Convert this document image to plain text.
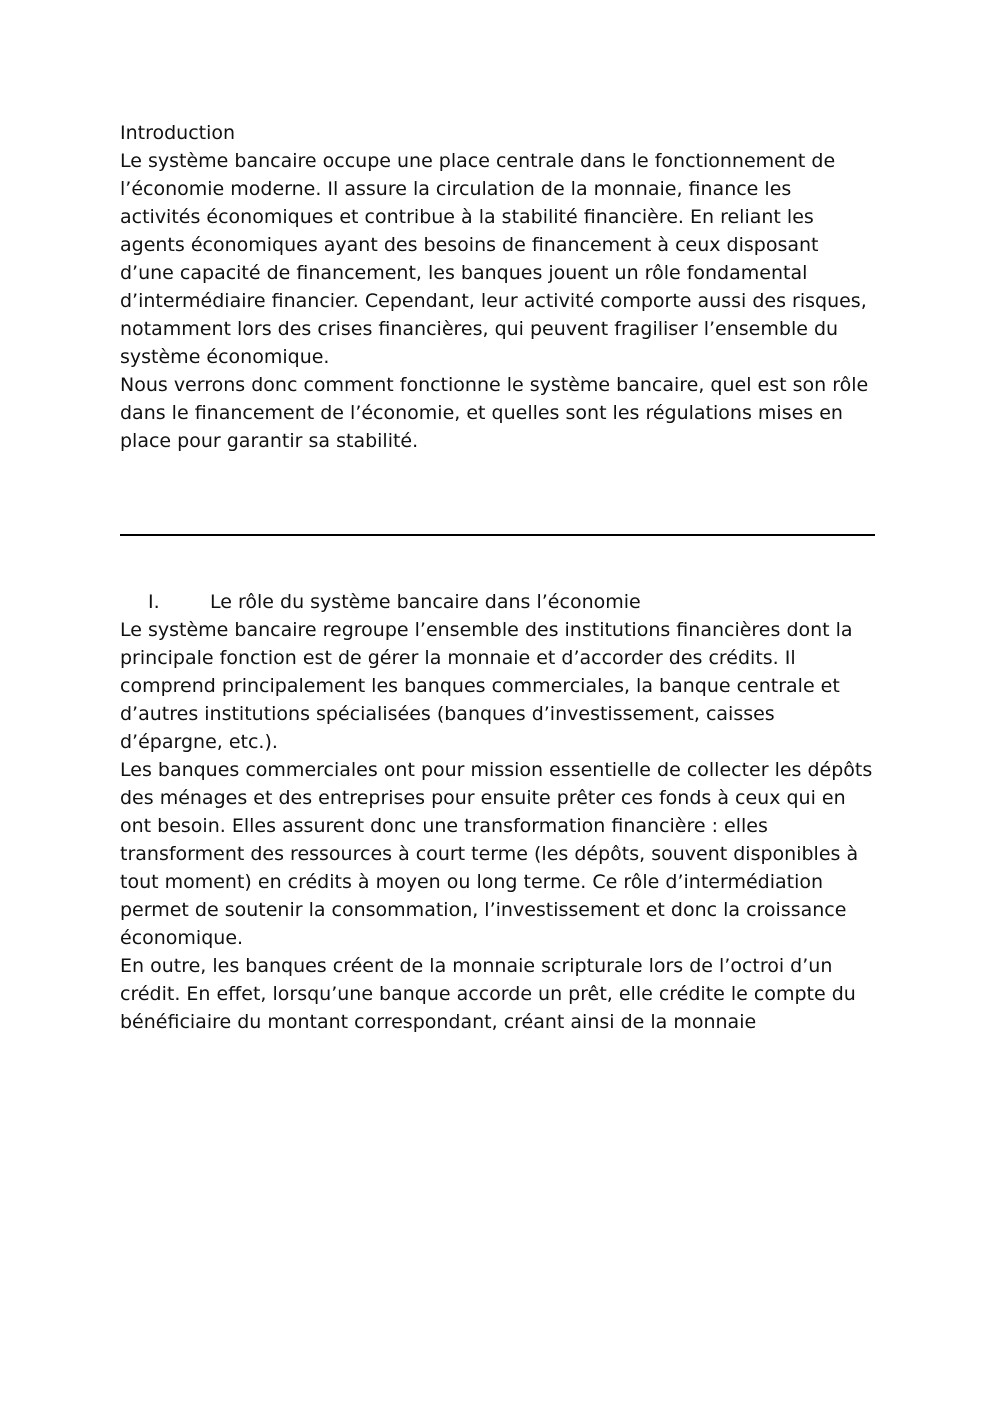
Introduction

Le système bancaire occupe une place centrale dans le fonctionnement de l’économie moderne. Il assure la circulation de la monnaie, finance les activités économiques et contribue à la stabilité financière. En reliant les agents économiques ayant des besoins de financement à ceux disposant d’une capacité de financement, les banques jouent un rôle fondamental d’intermédiaire financier. Cependant, leur activité comporte aussi des risques, notamment lors des crises financières, qui peuvent fragiliser l’ensemble du système économique.

Nous verrons donc comment fonctionne le système bancaire, quel est son rôle dans le financement de l’économie, et quelles sont les régulations mises en place pour garantir sa stabilité.

I.	Le rôle du système bancaire dans l’économie

Le système bancaire regroupe l’ensemble des institutions financières dont la principale fonction est de gérer la monnaie et d’accorder des crédits. Il comprend principalement les banques commerciales, la banque centrale et d’autres institutions spécialisées (banques d’investissement, caisses d’épargne, etc.).

Les banques commerciales ont pour mission essentielle de collecter les dépôts des ménages et des entreprises pour ensuite prêter ces fonds à ceux qui en ont besoin. Elles assurent donc une transformation financière : elles transforment des ressources à court terme (les dépôts, souvent disponibles à tout moment) en crédits à moyen ou long terme. Ce rôle d’intermédiation permet de soutenir la consommation, l’investissement et donc la croissance économique.

En outre, les banques créent de la monnaie scripturale lors de l’octroi d’un crédit. En effet, lorsqu’une banque accorde un prêt, elle crédite le compte du bénéficiaire du montant correspondant, créant ainsi de la monnaie
